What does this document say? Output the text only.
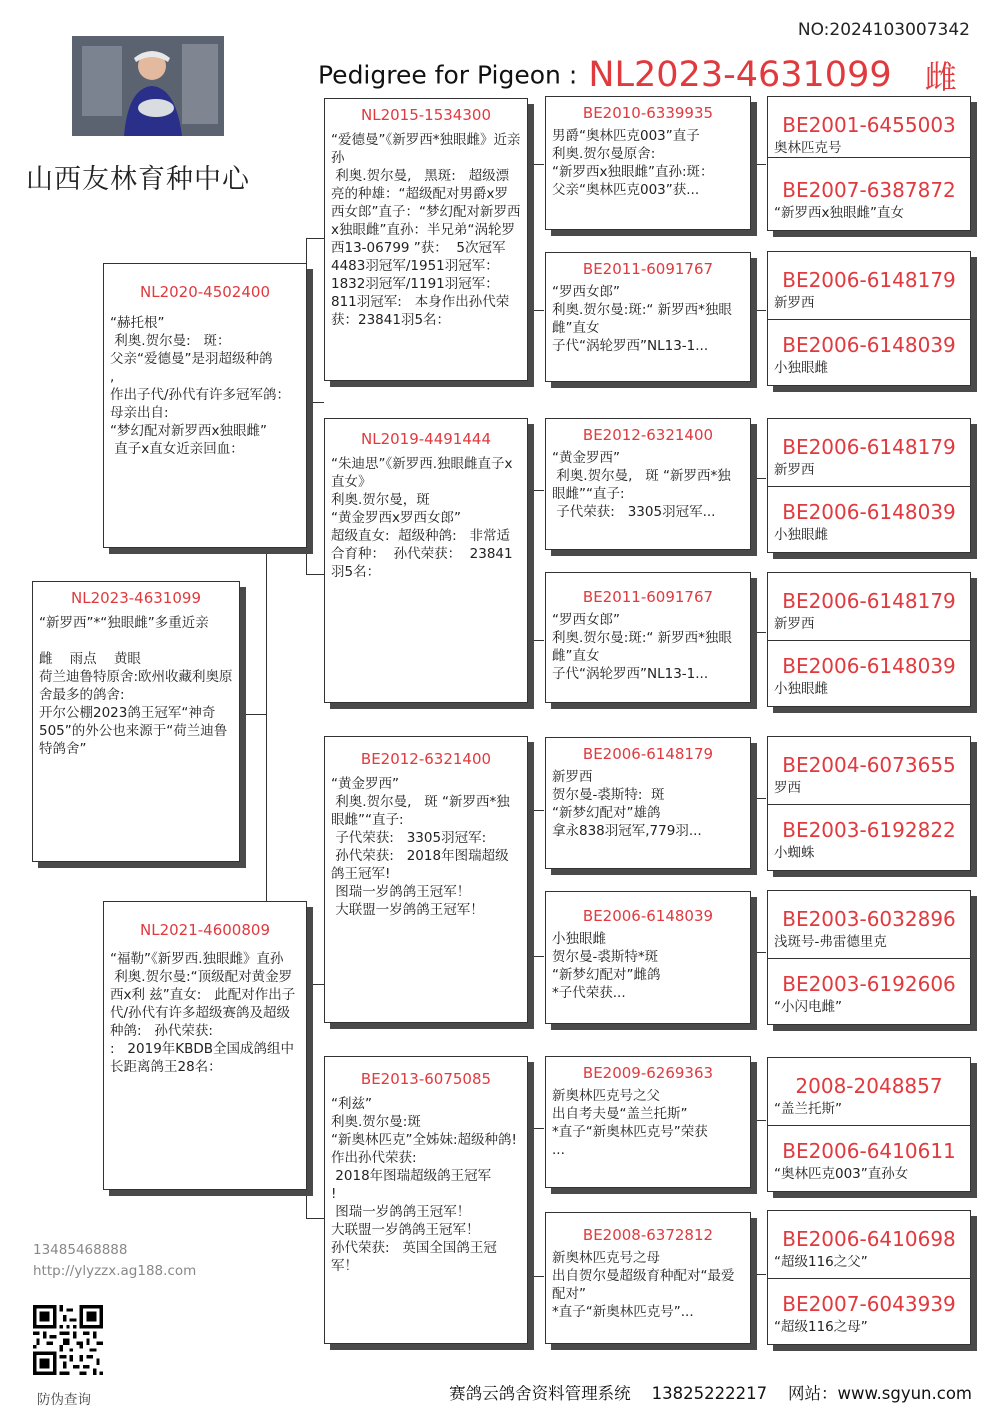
NO:2024103007342
山西友林育种中心
Pedigree for Pigeon : NL2023-4631099 雌
NL2023-4631099
“新罗西”*“独眼雌”多重近亲

雌    雨点    黄眼
荷兰迪鲁特原舍:欧州收藏利奥原舍最多的鸽舍:
开尔公棚2023鸽王冠军“神奇505”的外公也来源于“荷兰迪鲁特鸽舍”
NL2020-4502400
“赫托根”
利奥.贺尔曼:   斑：
父亲“爱德曼”是羽超级种鸽
,
作出子代/孙代有许多冠军鸽：
母亲出自:
“梦幻配对新罗西x独眼雌”
直子x直女近亲回血：
NL2021-4600809
“福勒”《新罗西.独眼雌》直孙
利奥.贺尔曼:“顶级配对黄金罗西x利 兹”直女:   此配对作出子代/孙代有许多超级赛鸽及超级种鸽:   孙代荣获:
:   2019年KBDB全国成鸽组中长距离鸽王28名：
NL2015-1534300
“爱德曼”《新罗西*独眼雌》近亲孙
利奥.贺尔曼,   黑斑:   超级漂亮的种雄：“超级配对男爵x罗西女郎”直子：“梦幻配对新罗西x独眼雌”直孙：半兄弟“涡轮罗西13-06799 ”获：  5次冠军 4483羽冠军/1951羽冠军：  1832羽冠军/1191羽冠军：  811羽冠军:   本身作出孙代荣获：23841羽5名：
NL2019-4491444
“朱迪思”《新罗西.独眼雌直子x直女》
利奥.贺尔曼，斑
“黄金罗西x罗西女郎”
超级直女:  超级种鸽:   非常适合育种：  孙代荣获：  23841羽5名：
BE2012-6321400
“黄金罗西”
利奥.贺尔曼,   斑 “新罗西*独眼雌”“直子:
子代荣获:   3305羽冠军:
孙代荣获:   2018年图瑞超级鸽王冠军!
图瑞一岁鸽鸽王冠军！
大联盟一岁鸽鸽王冠军！
BE2013-6075085
“利兹”
利奥.贺尔曼:斑
“新奥林匹克”全姊妹:超级种鸽!作出孙代荣获:
2018年图瑞超级鸽王冠军
!
图瑞一岁鸽鸽王冠军！
大联盟一岁鸽鸽王冠军！
孙代荣获:   英国全国鸽王冠军！
BE2010-6339935
男爵“奥林匹克003”直子
利奥.贺尔曼原舍:
“新罗西x独眼雌”直孙:斑：
父亲“奥林匹克003”获...
BE2011-6091767
“罗西女郎”
利奥.贺尔曼:斑:“ 新罗西*独眼雌”直女
子代“涡轮罗西”NL13-1...
BE2012-6321400
“黄金罗西”
利奥.贺尔曼,   斑 “新罗西*独眼雌”“直子:
子代荣获:   3305羽冠军...
BE2011-6091767
“罗西女郎”
利奥.贺尔曼:斑:“ 新罗西*独眼雌”直女
子代“涡轮罗西”NL13-1...
BE2006-6148179
新罗西
贺尔曼-裘斯特:  斑
“新梦幻配对”雄鸽
拿永838羽冠军,779羽...
BE2006-6148039
小独眼雌
贺尔曼-裘斯特*斑
“新梦幻配对”雌鸽
*子代荣获...
BE2009-6269363
新奥林匹克号之父
出自考夫曼“盖兰托斯”
*直子“新奥林匹克号”荣获
...
BE2008-6372812
新奥林匹克号之母
出自贺尔曼超级育种配对“最爱配对”
*直子“新奥林匹克号”...
BE2001-6455003
奥林匹克号
BE2007-6387872
“新罗西x独眼雌”直女
BE2006-6148179
新罗西
BE2006-6148039
小独眼雌
BE2006-6148179
新罗西
BE2006-6148039
小独眼雌
BE2006-6148179
新罗西
BE2006-6148039
小独眼雌
BE2004-6073655
罗西
BE2003-6192822
小蜘蛛
BE2003-6032896
浅斑号-弗雷德里克
BE2003-6192606
“小闪电雌”
2008-2048857
“盖兰托斯”
BE2006-6410611
“奥林匹克003”直孙女
BE2006-6410698
“超级116之父”
BE2007-6043939
“超级116之母”
13485468888
http://ylyzzx.ag188.com
防伪查询	赛鸽云鸽舍资料管理系统    13825222217    网站：www.sgyun.com
